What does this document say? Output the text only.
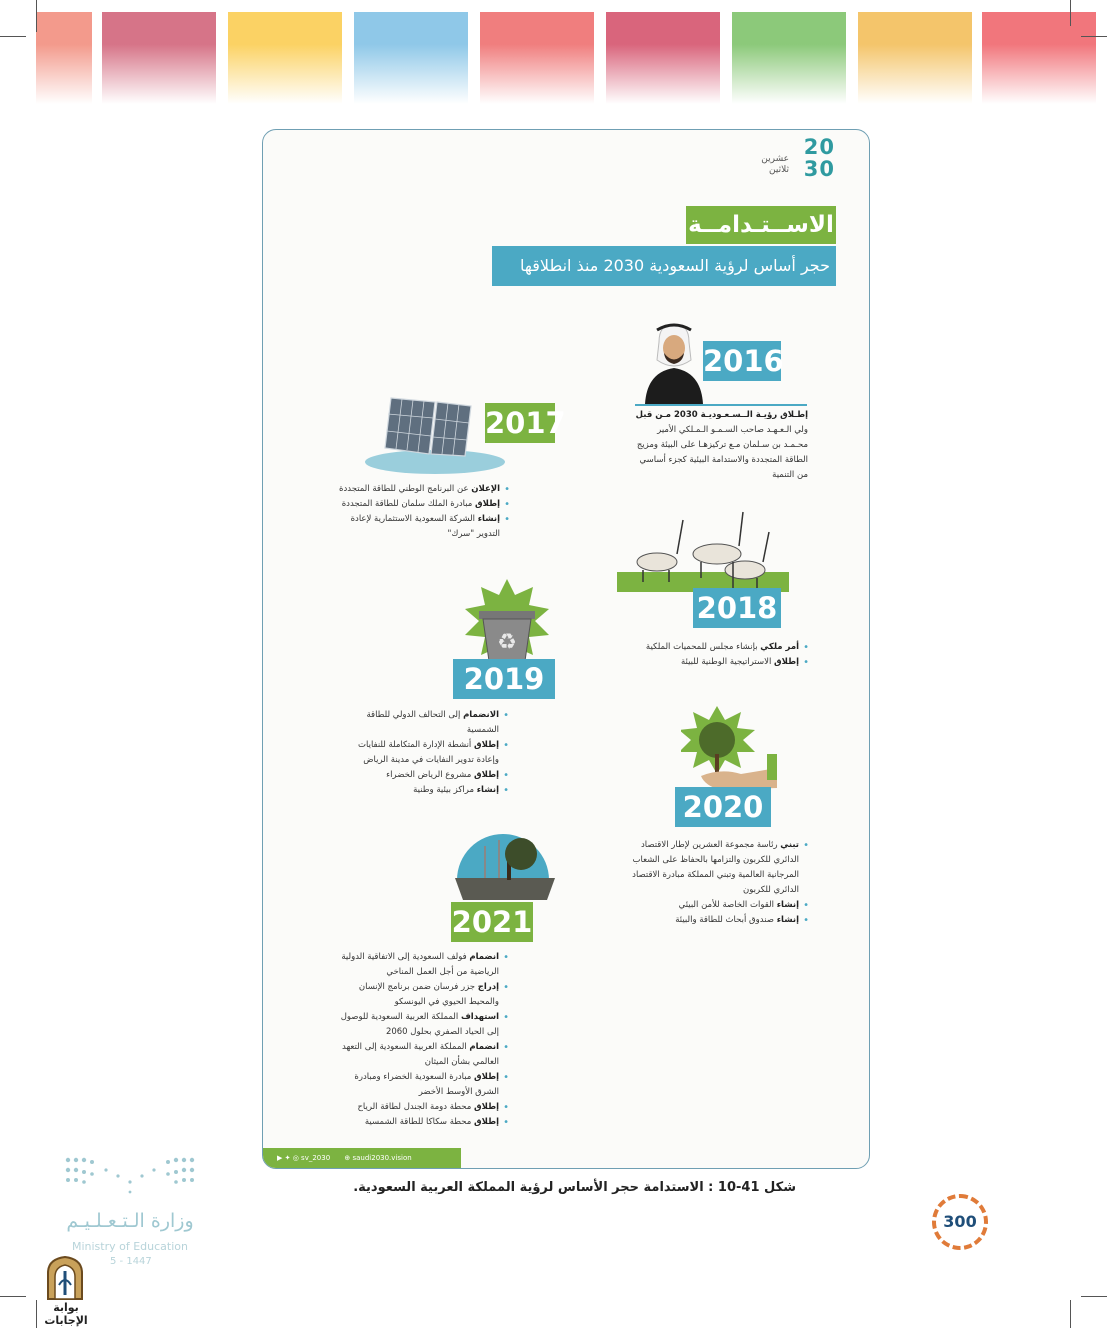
20
30
عشرين
ثلاثين
الاســتـدامــة
حجر أساس لرؤية السعودية 2030 منذ انطلاقها
2016
إطـلاق رؤيـة الــسـعـوديـة 2030 مـن قبل ولي الـعـهـد صاحب السـمـو الـمـلكي الأمير محـمـد بن سـلمان مـع تركيزهـا على البيئة ومزيج الطاقة المتجددة والاستدامة البيئية كجزء أساسي من التنمية
2017
• الإعلان عن البرنامج الوطني للطاقة المتجددة
• إطلاق مبادرة الملك سلمان للطاقة المتجددة
• إنشاء الشركة السعودية الاستثمارية لإعادة التدوير "سرك"
2018
• أمر ملكي بإنشاء مجلس للمحميات الملكية
• إطلاق الاستراتيجية الوطنية للبيئة
♻
2019
• الانضمام إلى التحالف الدولي للطاقة الشمسية
• إطلاق أنشطة الإدارة المتكاملة للنفايات وإعادة تدوير النفايات في مدينة الرياض
• إطلاق مشروع الرياض الخضراء
• إنشاء مراكز بيئية وطنية	2020
• تبني رئاسة مجموعة العشرين لإطار الاقتصاد الدائري للكربون والتزامها بالحفاظ على الشعاب المرجانية العالمية وتبني المملكة مبادرة الاقتصاد الدائري للكربون
• إنشاء القوات الخاصة للأمن البيئي
• إنشاء صندوق أبحاث للطاقة والبيئة
2021
• انضمام فولف السعودية إلى الاتفاقية الدولية الرياضية من أجل العمل المناخي
• إدراج جزر فرسان ضمن برنامج الإنسان والمحيط الحيوي في اليونسكو
• استهداف المملكة العربية السعودية للوصول إلى الحياد الصفري بحلول 2060
• انضمام المملكة العربية السعودية إلى التعهد العالمي بشأن الميثان
• إطلاق مبادرة السعودية الخضراء ومبادرة الشرق الأوسط الأخضر
• إطلاق محطة دومة الجندل لطاقة الرياح
• إطلاق محطة سكاكا للطاقة الشمسية
▶ ✦ ◎ sv_2030 ⊕ saudi2030.vision
شكل 41-10 : الاستدامة حجر الأساس لرؤية المملكة العربية السعودية.
300
وزارة الـتـعـلـيـم
Ministry of Education
5 - 1447
بوابة الإجابات
